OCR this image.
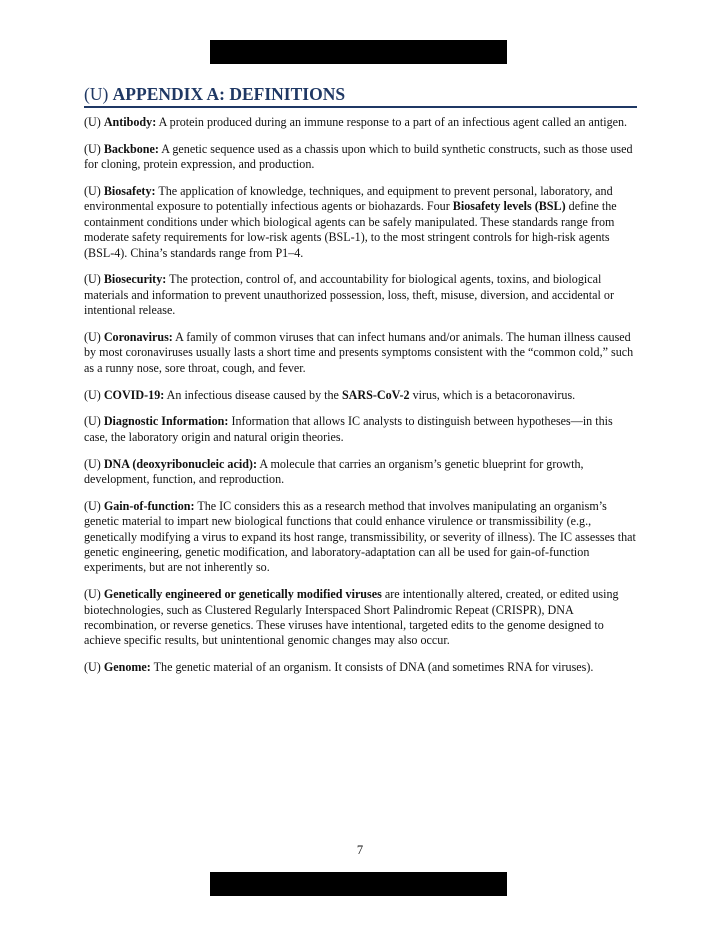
(U) APPENDIX A: DEFINITIONS

(U) Antibody: A protein produced during an immune response to a part of an infectious agent called an antigen.

(U) Backbone: A genetic sequence used as a chassis upon which to build synthetic constructs, such as those used for cloning, protein expression, and production.

(U) Biosafety: The application of knowledge, techniques, and equipment to prevent personal, laboratory, and environmental exposure to potentially infectious agents or biohazards. Four Biosafety levels (BSL) define the containment conditions under which biological agents can be safely manipulated. These standards range from moderate safety requirements for low-risk agents (BSL-1), to the most stringent controls for high-risk agents (BSL-4). China’s standards range from P1–4.

(U) Biosecurity: The protection, control of, and accountability for biological agents, toxins, and biological materials and information to prevent unauthorized possession, loss, theft, misuse, diversion, and accidental or intentional release.

(U) Coronavirus: A family of common viruses that can infect humans and/or animals. The human illness caused by most coronaviruses usually lasts a short time and presents symptoms consistent with the “common cold,” such as a runny nose, sore throat, cough, and fever.

(U) COVID-19: An infectious disease caused by the SARS-CoV-2 virus, which is a betacoronavirus.

(U) Diagnostic Information: Information that allows IC analysts to distinguish between hypotheses—in this case, the laboratory origin and natural origin theories.

(U) DNA (deoxyribonucleic acid): A molecule that carries an organism’s genetic blueprint for growth, development, function, and reproduction.

(U) Gain-of-function: The IC considers this as a research method that involves manipulating an organism’s genetic material to impart new biological functions that could enhance virulence or transmissibility (e.g., genetically modifying a virus to expand its host range, transmissibility, or severity of illness). The IC assesses that genetic engineering, genetic modification, and laboratory-adaptation can all be used for gain-of-function experiments, but are not inherently so.

(U) Genetically engineered or genetically modified viruses are intentionally altered, created, or edited using biotechnologies, such as Clustered Regularly Interspaced Short Palindromic Repeat (CRISPR), DNA recombination, or reverse genetics. These viruses have intentional, targeted edits to the genome designed to achieve specific results, but unintentional genomic changes may also occur.

(U) Genome: The genetic material of an organism. It consists of DNA (and sometimes RNA for viruses).

7
